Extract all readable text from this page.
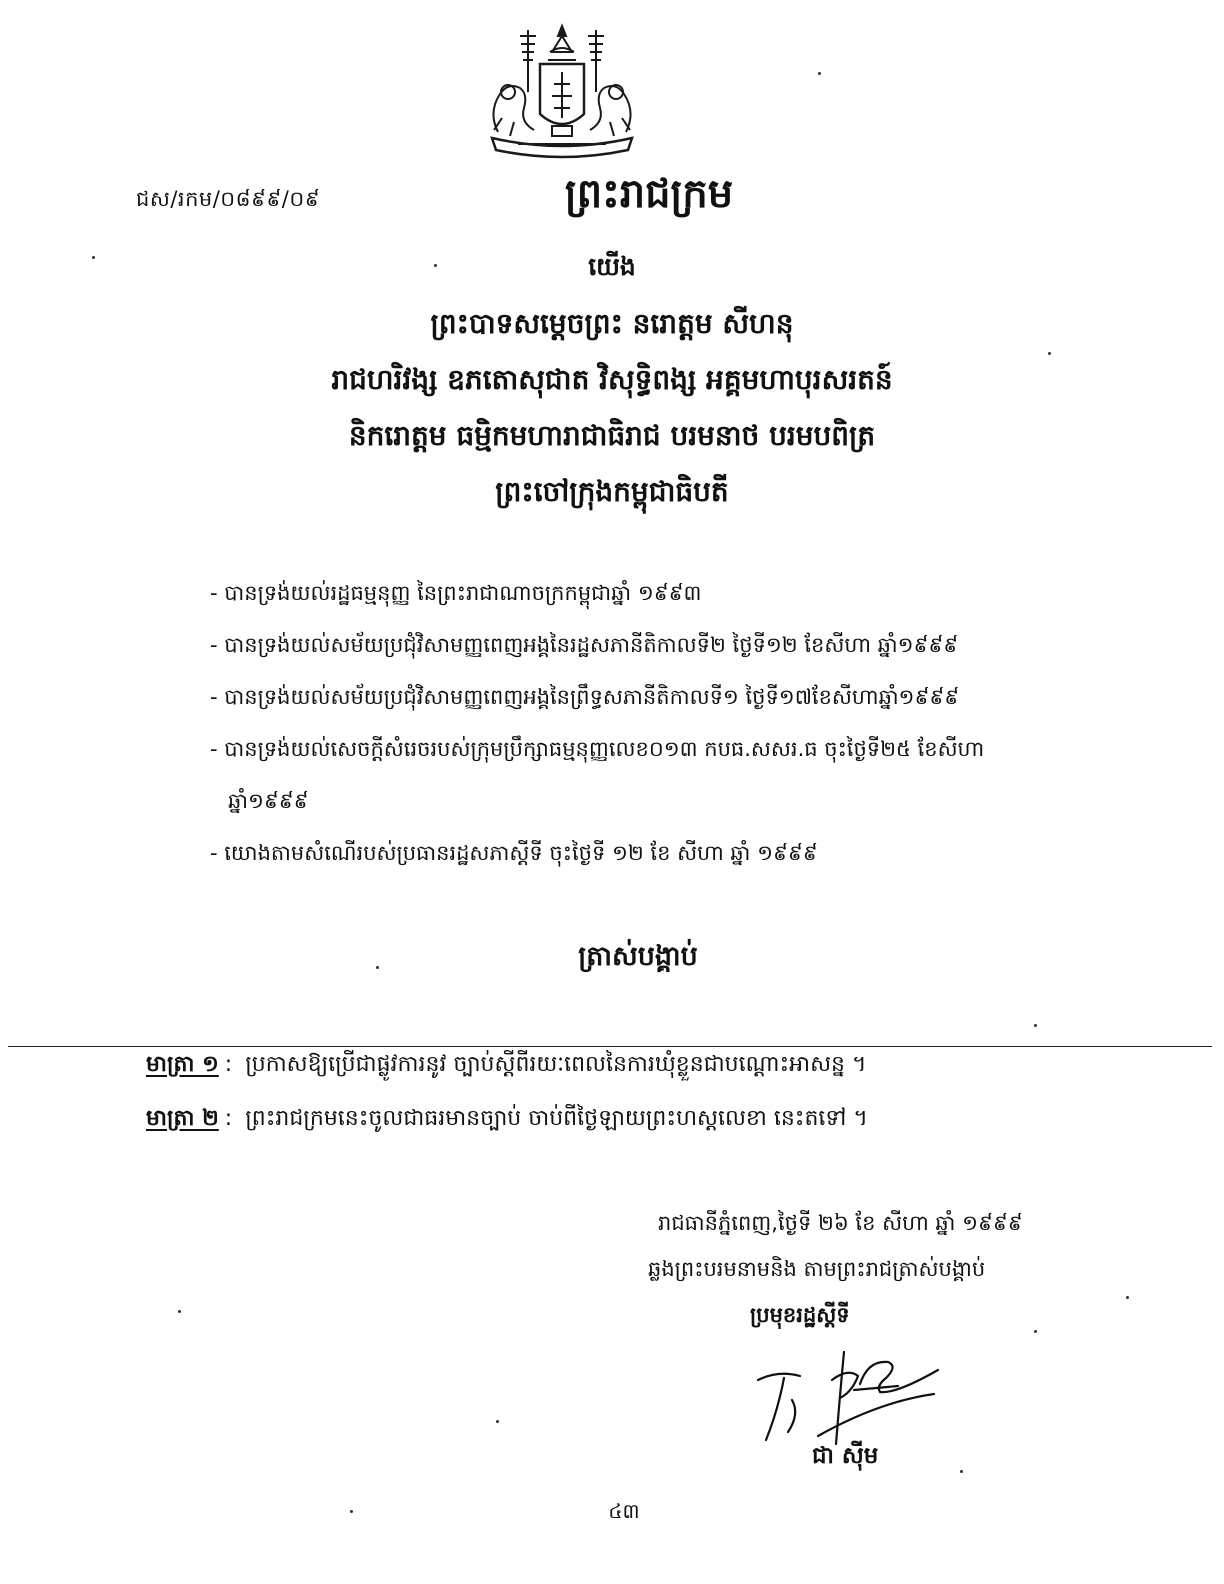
ជស/រកម/០៨៩៩/០៩	ព្រះរាជក្រម
យើង
ព្រះបាទសម្តេចព្រះ នរោត្តម សីហនុ
រាជហរិវង្ស ឧភតោសុជាត វិសុទ្ធិពង្ស អគ្គមហាបុរសរតន៍
និករោត្តម ធម្មិកមហារាជាធិរាជ បរមនាថ បរមបពិត្រ
ព្រះចៅក្រុងកម្ពុជាធិបតី
- បានទ្រង់យល់រដ្ឋធម្មនុញ្ញ នៃព្រះរាជាណាចក្រកម្ពុជាឆ្នាំ ១៩៩៣
- បានទ្រង់យល់សម័យប្រជុំវិសាមញ្ញពេញអង្គនៃរដ្ឋសភានីតិកាលទី២ ថ្ងៃទី១២ ខែសីហា ឆ្នាំ១៩៩៩
- បានទ្រង់យល់សម័យប្រជុំវិសាមញ្ញពេញអង្គនៃព្រឹទ្ធសភានីតិកាលទី១ ថ្ងៃទី១៧ខែសីហាឆ្នាំ១៩៩៩
- បានទ្រង់យល់សេចក្តីសំរេចរបស់ក្រុមប្រឹក្សាធម្មនុញ្ញលេខ០១៣ កបធ.សសរ.ធ ចុះថ្ងៃទី២៥ ខែសីហា
ឆ្នាំ១៩៩៩
- យោងតាមសំណើរបស់ប្រធានរដ្ឋសភាស្តីទី ចុះថ្ងៃទី ១២ ខែ សីហា ឆ្នាំ ១៩៩៩
ត្រាស់បង្គាប់
មាត្រា ១ : ប្រកាសឱ្យប្រើជាផ្លូវការនូវ ច្បាប់ស្តីពីរយៈពេលនៃការឃុំខ្លួនជាបណ្តោះអាសន្ន ។
មាត្រា ២ : ព្រះរាជក្រមនេះចូលជាធរមានច្បាប់ ចាប់ពីថ្ងៃឡាយព្រះហស្តលេខា នេះតទៅ ។
រាជធានីភ្នំពេញ,ថ្ងៃទី ២៦ ខែ សីហា ឆ្នាំ ១៩៩៩
ឆ្លងព្រះបរមនាមនិង តាមព្រះរាជត្រាស់បង្គាប់
ប្រមុខរដ្ឋស្តីទី
ជា ស៊ីម
៤៣
